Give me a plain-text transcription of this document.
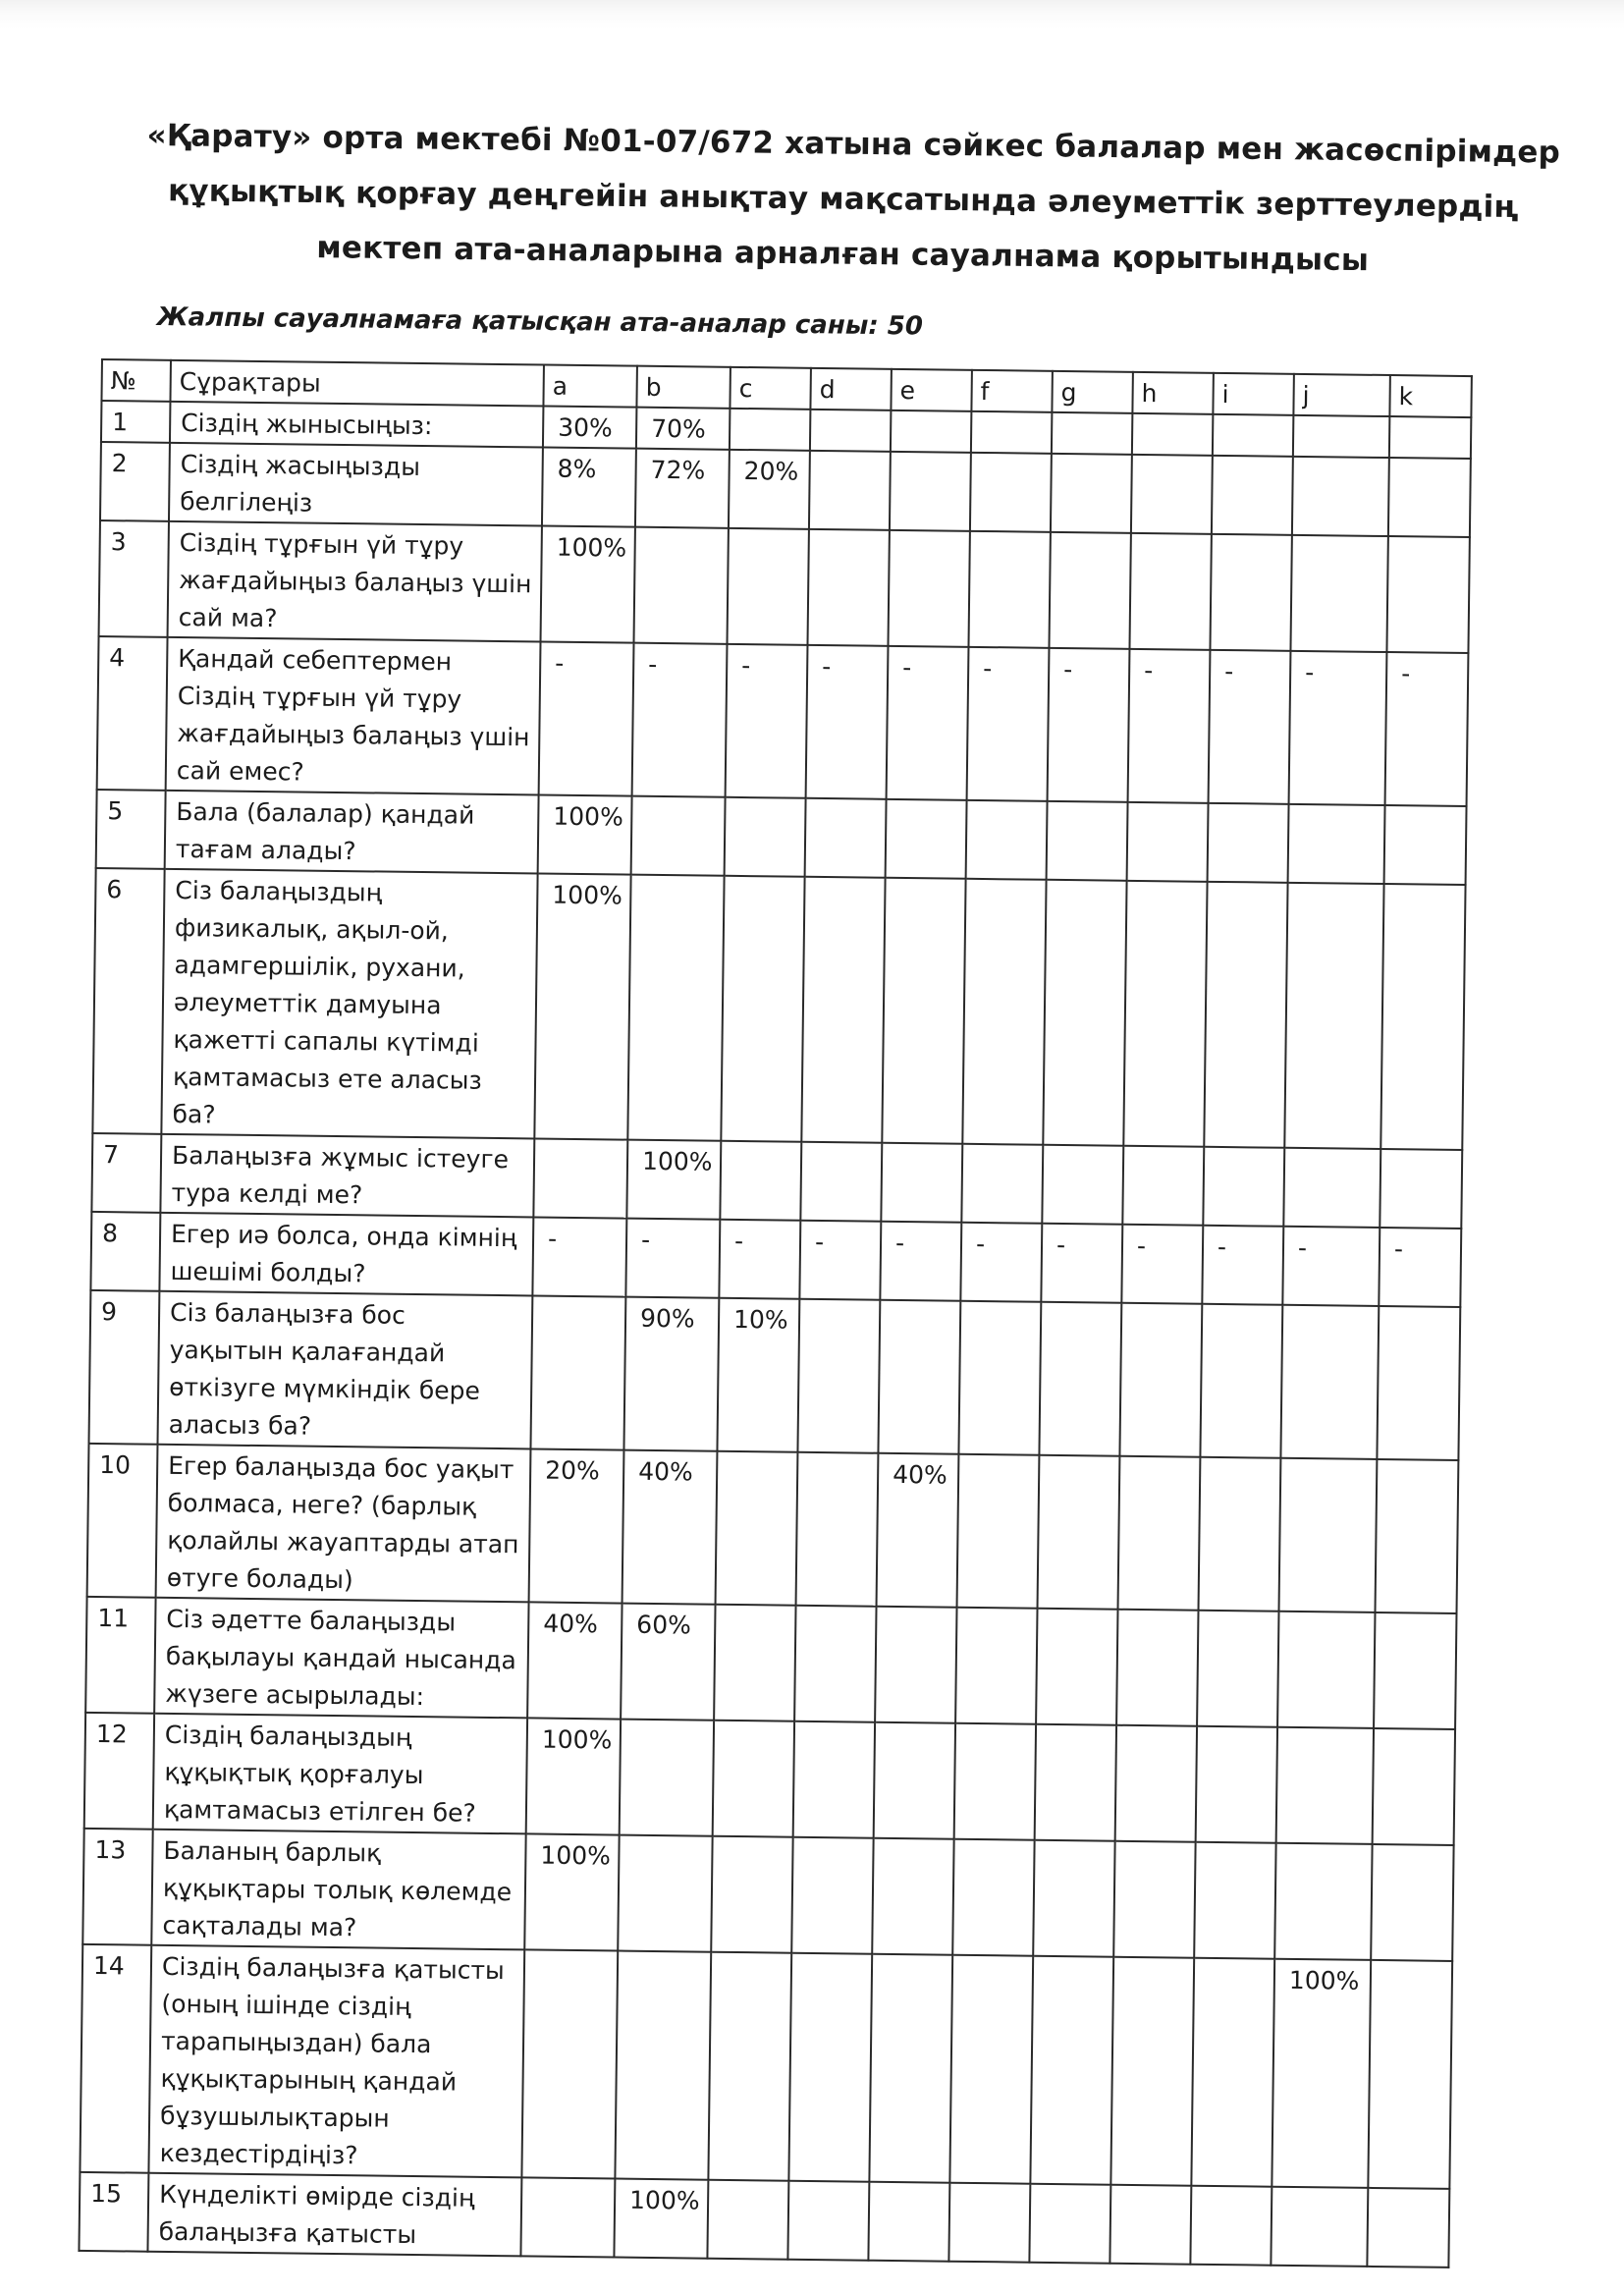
«Қарату» орта мектебі №01-07/672 хатына сәйкес балалар мен жасөспірімдер
құқықтық қорғау деңгейін анықтау мақсатында әлеуметтік зерттеулердің
мектеп ата-аналарына арналған сауалнама қорытындысы
Жалпы сауалнамаға қатысқан ата-аналар саны: 50
№	Сұрақтары	a	b	c	d	e	f	g	h	i	j	k
1	Сіздің жынысыңыз:	30%	70%									
2	Сіздің жасыңызды белгілеңіз	8%	72%	20%								
3	Сіздің тұрғын үй тұру жағдайыңыз балаңыз үшін сай ма?	100%										
4	Қандай себептермен Сіздің тұрғын үй тұру жағдайыңыз балаңыз үшін сай емес?	-	-	-	-	-	-	-	-	-	-	-
5	Бала (балалар) қандай тағам алады?	100%										
6	Сіз балаңыздың физикалық, ақыл-ой, адамгершілік, рухани, әлеуметтік дамуына қажетті сапалы күтімді қамтамасыз ете аласыз ба?	100%										
7	Балаңызға жұмыс істеуге тура келді ме?		100%									
8	Егер иә болса, онда кімнің шешімі болды?	-	-	-	-	-	-	-	-	-	-	-
9	Сіз балаңызға бос уақытын қалағандай өткізуге мүмкіндік бере аласыз ба?		90%	10%								
10	Егер балаңызда бос уақыт болмаса, неге? (барлық қолайлы жауаптарды атап өтуге болады)	20%	40%			40%						
11	Сіз әдетте балаңызды бақылауы қандай нысанда жүзеге асырылады:	40%	60%									
12	Сіздің балаңыздың құқықтық қорғалуы қамтамасыз етілген бе?	100%										
13	Баланың барлық құқықтары толық көлемде сақталады ма?	100%										
14	Сіздің балаңызға қатысты (оның ішінде сіздің тарапыңыздан) бала құқықтарының қандай бұзушылықтарын кездестірдіңіз?										100%	
15	Күнделікті өмірде сіздің балаңызға қатысты		100%									
